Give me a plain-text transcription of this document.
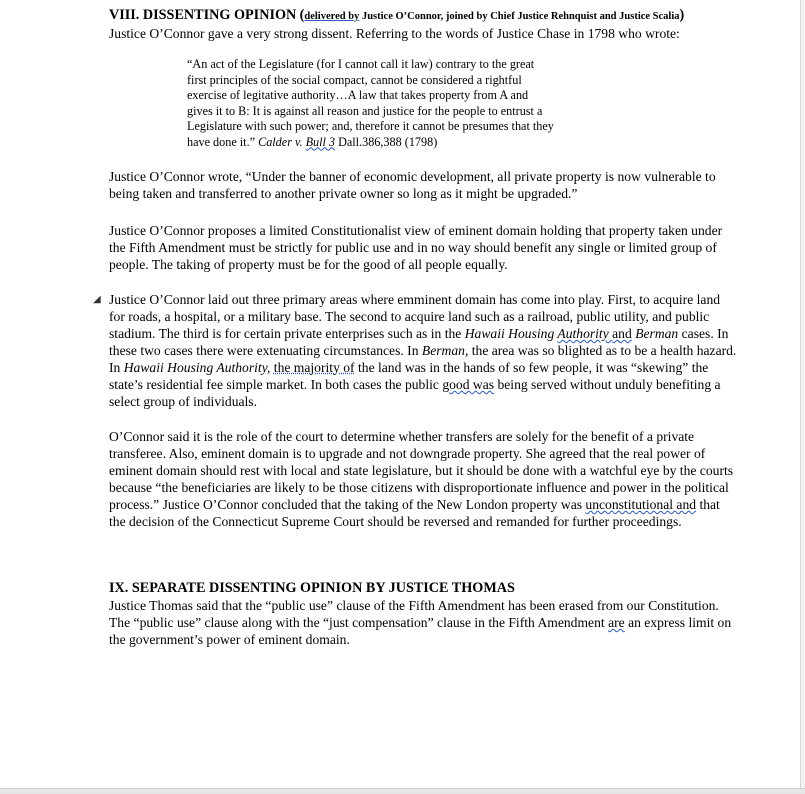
VIII. DISSENTING OPINION (delivered by Justice O’Connor, joined by Chief Justice Rehnquist and Justice Scalia)

Justice O’Connor gave a very strong dissent. Referring to the words of Justice Chase in 1798 who wrote:

“An act of the Legislature (for I cannot call it law) contrary to the great

first principles of the social compact, cannot be considered a rightful

exercise of legitative authority…A law that takes property from A and

gives it to B: It is against all reason and justice for the people to entrust a

Legislature with such power; and, therefore it cannot be presumes that they

have done it.” Calder v. Bull 3 Dall.386,388 (1798)

Justice O’Connor wrote, “Under the banner of economic development, all private property is now vulnerable to being taken and transferred to another private owner so long as it might be upgraded.”

Justice O’Connor proposes a limited Constitutionalist view of eminent domain holding that property taken under the Fifth Amendment must be strictly for public use and in no way should benefit any single or limited group of people. The taking of property must be for the good of all people equally.

◢ Justice O’Connor laid out three primary areas where emminent domain has come into play. First, to acquire land for roads, a hospital, or a military base. The second to acquire land such as a railroad, public utility, and public stadium. The third is for certain private enterprises such as in the Hawaii Housing Authority and Berman cases. In these two cases there were extenuating circumstances. In Berman, the area was so blighted as to be a health hazard. In Hawaii Housing Authority, the majority of the land was in the hands of so few people, it was “skewing” the state’s residential fee simple market. In both cases the public good was being served without unduly benefiting a select group of individuals.

O’Connor said it is the role of the court to determine whether transfers are solely for the benefit of a private transferee. Also, eminent domain is to upgrade and not downgrade property. She agreed that the real power of eminent domain should rest with local and state legislature, but it should be done with a watchful eye by the courts because “the beneficiaries are likely to be those citizens with disproportionate influence and power in the political process.” Justice O’Connor concluded that the taking of the New London property was unconstitutional and that the decision of the Connecticut Supreme Court should be reversed and remanded for further proceedings.

IX. SEPARATE DISSENTING OPINION BY JUSTICE THOMAS

Justice Thomas said that the “public use” clause of the Fifth Amendment has been erased from our Constitution. The “public use” clause along with the “just compensation” clause in the Fifth Amendment are an express limit on the government’s power of eminent domain.
